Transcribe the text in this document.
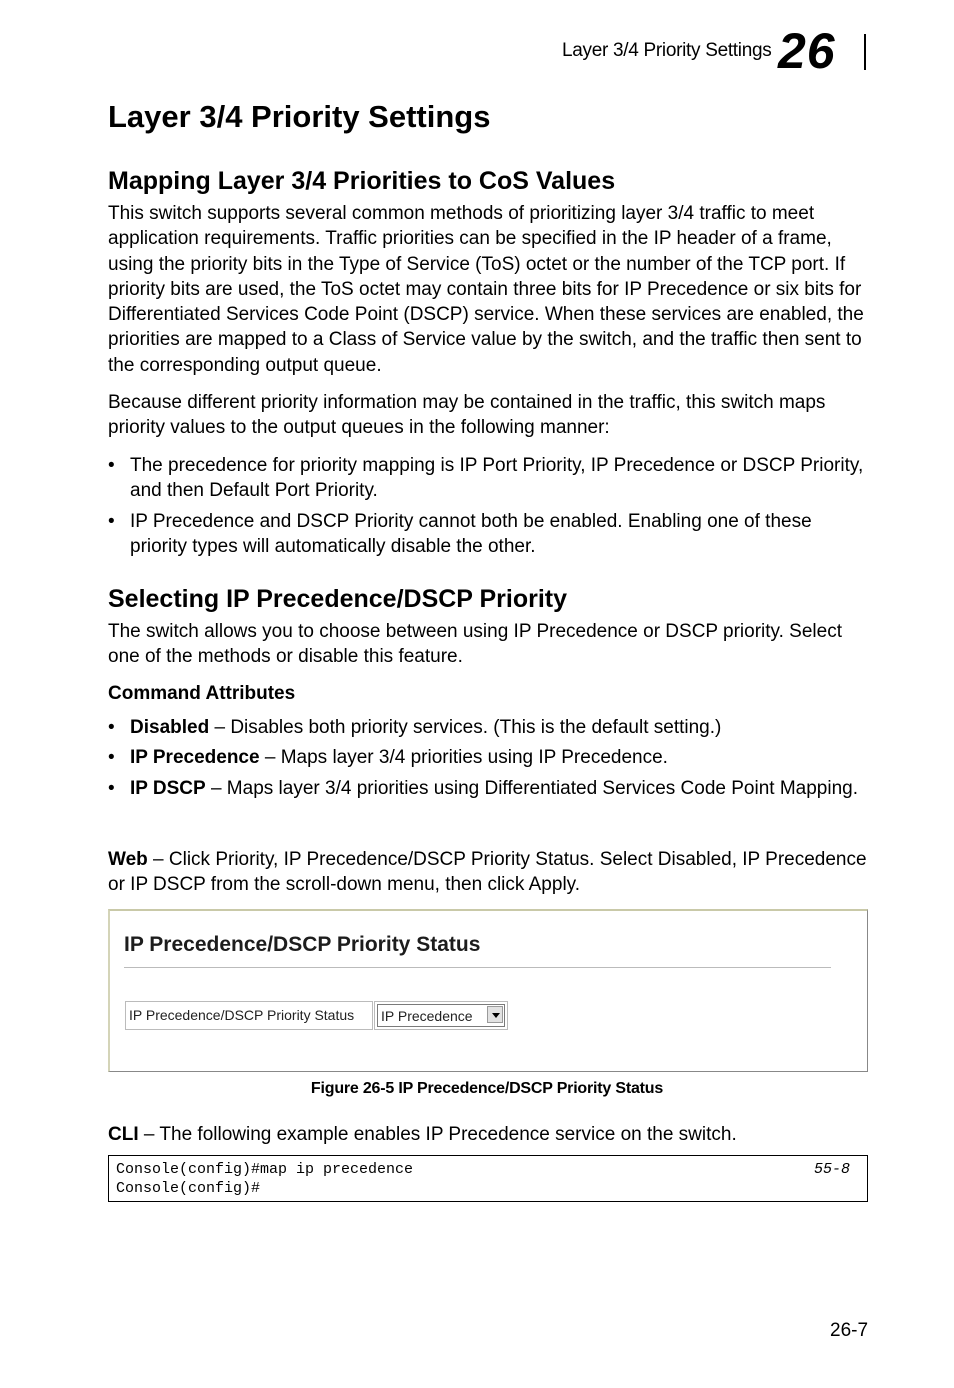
Layer 3/4 Priority Settings 26
Layer 3/4 Priority Settings
Mapping Layer 3/4 Priorities to CoS Values

This switch supports several common methods of prioritizing layer 3/4 traffic to meet application requirements. Traffic priorities can be specified in the IP header of a frame, using the priority bits in the Type of Service (ToS) octet or the number of the TCP port. If priority bits are used, the ToS octet may contain three bits for IP Precedence or six bits for Differentiated Services Code Point (DSCP) service. When these services are enabled, the priorities are mapped to a Class of Service value by the switch, and the traffic then sent to the corresponding output queue.

Because different priority information may be contained in the traffic, this switch maps priority values to the output queues in the following manner:

• The precedence for priority mapping is IP Port Priority, IP Precedence or DSCP Priority, and then Default Port Priority.
• IP Precedence and DSCP Priority cannot both be enabled. Enabling one of these priority types will automatically disable the other.
Selecting IP Precedence/DSCP Priority

The switch allows you to choose between using IP Precedence or DSCP priority. Select one of the methods or disable this feature.

Command Attributes
• Disabled – Disables both priority services. (This is the default setting.)
• IP Precedence – Maps layer 3/4 priorities using IP Precedence.
• IP DSCP – Maps layer 3/4 priorities using Differentiated Services Code Point Mapping.

Web – Click Priority, IP Precedence/DSCP Priority Status. Select Disabled, IP Precedence or IP DSCP from the scroll-down menu, then click Apply.

IP Precedence/DSCP Priority Status
IP Precedence/DSCP Priority Status IP Precedence
Figure 26-5 IP Precedence/DSCP Priority Status

CLI – The following example enables IP Precedence service on the switch.

Console(config)#map ip precedence	55-8
Console(config)#
26-7
